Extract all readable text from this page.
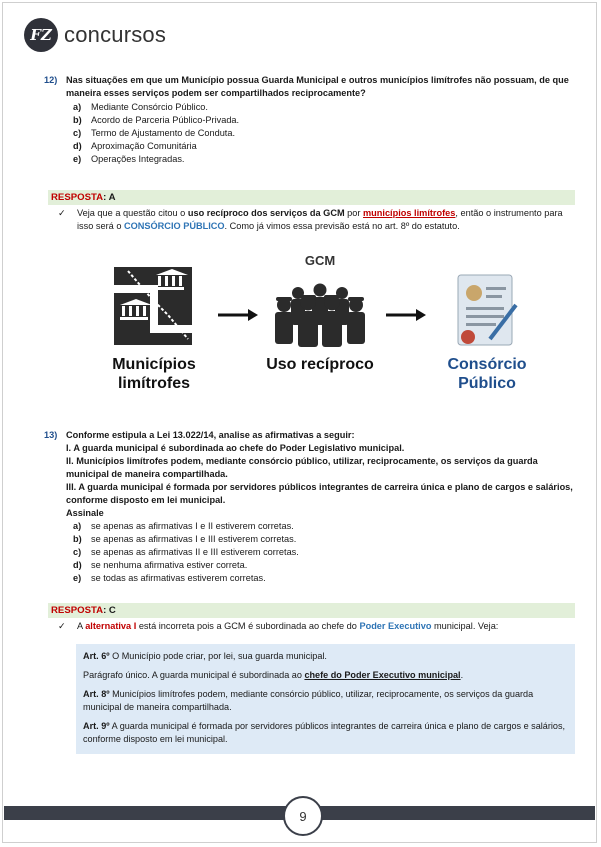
FZ concursos
12) Nas situações em que um Município possua Guarda Municipal e outros municípios limítrofes não possuam, de que maneira esses serviços podem ser compartilhados reciprocamente?
a)	Mediante Consórcio Público.
b)	Acordo de Parceria Público-Privada.
c)	Termo de Ajustamento de Conduta.
d)	Aproximação Comunitária
e)	Operações Integradas.
RESPOSTA: A
✓	Veja que a questão citou o uso recíproco dos serviços da GCM por municípios limítrofes, então o instrumento para isso será o CONSÓRCIO PÚBLICO. Como já vimos essa previsão está no art. 8º do estatuto.
Municípios
limítrofes
GCM
Uso recíproco	Consórcio
Público
13) Conforme estipula a Lei 13.022/14, analise as afirmativas a seguir:
I. A guarda municipal é subordinada ao chefe do Poder Legislativo municipal.
II. Municípios limítrofes podem, mediante consórcio público, utilizar, reciprocamente, os serviços da guarda municipal de maneira compartilhada.
III. A guarda municipal é formada por servidores públicos integrantes de carreira única e plano de cargos e salários, conforme disposto em lei municipal.
Assinale
a)	se apenas as afirmativas I e II estiverem corretas.
b)	se apenas as afirmativas I e III estiverem corretas.
c)	se apenas as afirmativas II e III estiverem corretas.
d)	se nenhuma afirmativa estiver correta.
e)	se todas as afirmativas estiverem corretas.
RESPOSTA: C
✓	A alternativa I está incorreta pois a GCM é subordinada ao chefe do Poder Executivo municipal. Veja:

Art. 6º O Município pode criar, por lei, sua guarda municipal.

Parágrafo único. A guarda municipal é subordinada ao chefe do Poder Executivo municipal.

Art. 8º Municípios limítrofes podem, mediante consórcio público, utilizar, reciprocamente, os serviços da guarda municipal de maneira compartilhada.

Art. 9º A guarda municipal é formada por servidores públicos integrantes de carreira única e plano de cargos e salários, conforme disposto em lei municipal.

9
